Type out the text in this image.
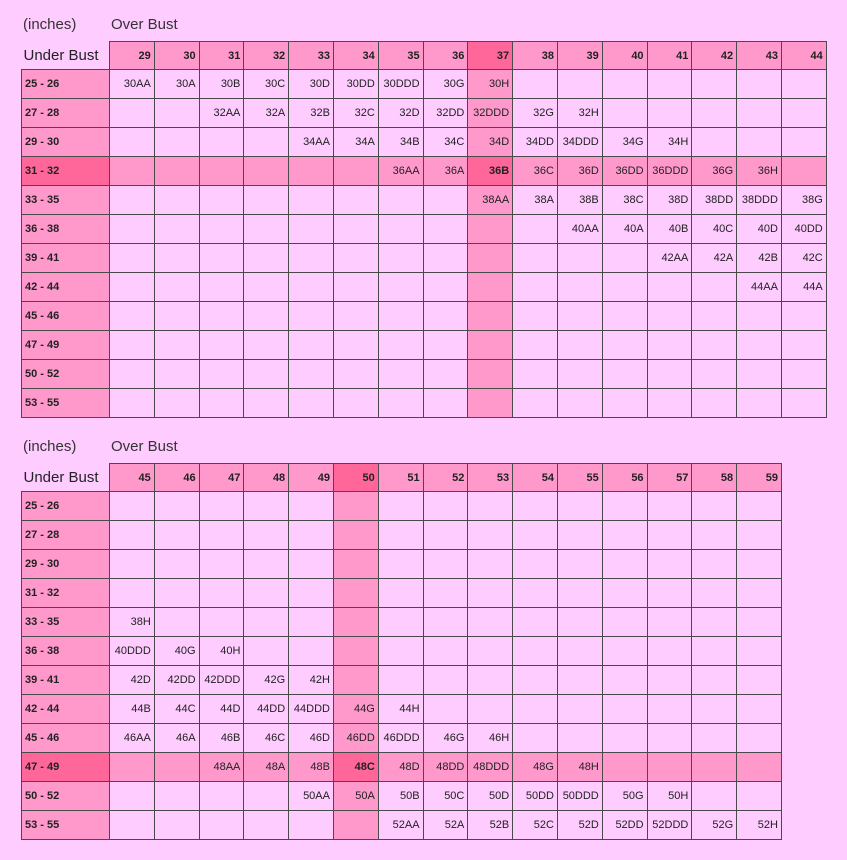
(inches) Over Bust
Under Bust	29	30	31	32	33	34	35	36	37	38	39	40	41	42	43	44
25 - 26	30AA	30A	30B	30C	30D	30DD	30DDD	30G	30H							
27 - 28			32AA	32A	32B	32C	32D	32DD	32DDD	32G	32H					
29 - 30					34AA	34A	34B	34C	34D	34DD	34DDD	34G	34H			
31 - 32							36AA	36A	36B	36C	36D	36DD	36DDD	36G	36H	
33 - 35									38AA	38A	38B	38C	38D	38DD	38DDD	38G
36 - 38											40AA	40A	40B	40C	40D	40DD
39 - 41													42AA	42A	42B	42C
42 - 44															44AA	44A
45 - 46																
47 - 49																
50 - 52																
53 - 55																
(inches) Over Bust
Under Bust	45	46	47	48	49	50	51	52	53	54	55	56	57	58	59
25 - 26															
27 - 28															
29 - 30															
31 - 32															
33 - 35	38H														
36 - 38	40DDD	40G	40H												
39 - 41	42D	42DD	42DDD	42G	42H										
42 - 44	44B	44C	44D	44DD	44DDD	44G	44H								
45 - 46	46AA	46A	46B	46C	46D	46DD	46DDD	46G	46H						
47 - 49			48AA	48A	48B	48C	48D	48DD	48DDD	48G	48H				
50 - 52					50AA	50A	50B	50C	50D	50DD	50DDD	50G	50H		
53 - 55							52AA	52A	52B	52C	52D	52DD	52DDD	52G	52H
